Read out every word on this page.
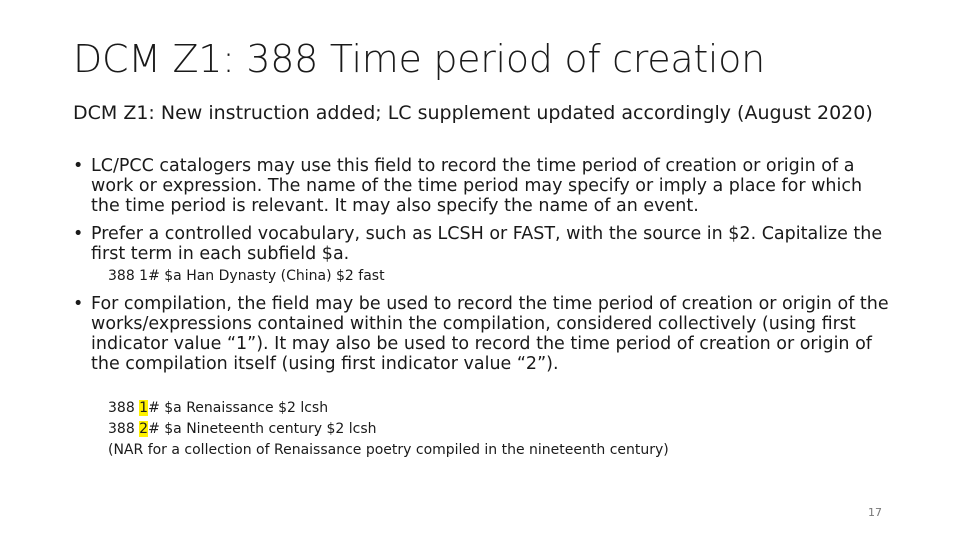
DCM Z1: 388 Time period of creation
DCM Z1: New instruction added; LC supplement updated accordingly (August 2020)
• LC/PCC catalogers may use this field to record the time period of creation or origin of a work or expression. The name of the time period may specify or imply a place for which the time period is relevant. It may also specify the name of an event.
• Prefer a controlled vocabulary, such as LCSH or FAST, with the source in $2. Capitalize the first term in each subfield $a.
388 1# $a Han Dynasty (China) $2 fast
• For compilation, the field may be used to record the time period of creation or origin of the works/expressions contained within the compilation, considered collectively (using first indicator value “1”). It may also be used to record the time period of creation or origin of the compilation itself (using first indicator value “2”).
388 1# $a Renaissance $2 lcsh
388 2# $a Nineteenth century $2 lcsh
(NAR for a collection of Renaissance poetry compiled in the nineteenth century)
17
